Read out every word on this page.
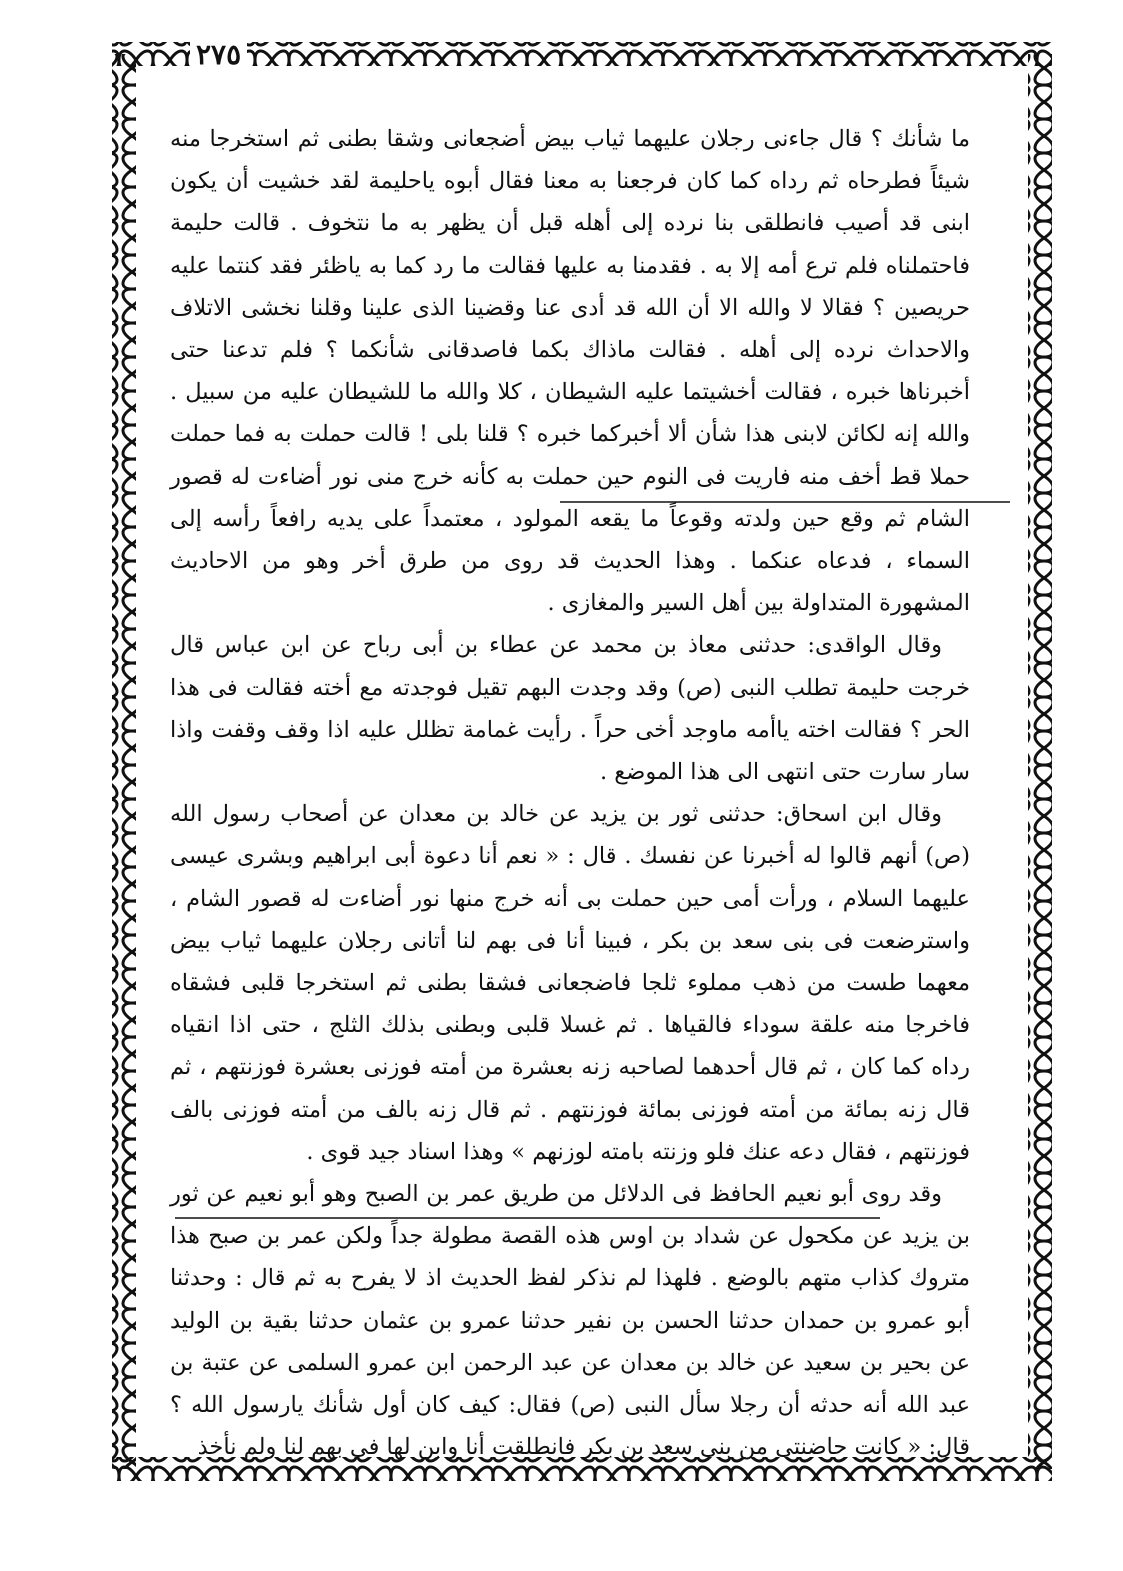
٢٧٥

ما شأنك ؟ قال جاءنى رجلان عليهما ثياب بيض أضجعانى وشقا بطنى ثم استخرجا منه شيئاً فطرحاه ثم رداه كما كان فرجعنا به معنا فقال أبوه ياحليمة لقد خشيت أن يكون ابنى قد أصيب فانطلقى بنا نرده إلى أهله قبل أن يظهر به ما نتخوف . قالت حليمة فاحتملناه فلم ترع أمه إلا به . فقدمنا به عليها فقالت ما رد كما به ياظئر فقد كنتما عليه حريصين ؟ فقالا لا والله الا أن الله قد أدى عنا وقضينا الذى علينا وقلنا نخشى الاتلاف والاحداث نرده إلى أهله . فقالت ماذاك بكما فاصدقانى شأنكما ؟ فلم تدعنا حتى أخبرناها خبره ، فقالت أخشيتما عليه الشيطان ، كلا والله ما للشيطان عليه من سبيل . والله إنه لكائن لابنى هذا شأن ألا أخبركما خبره ؟ قلنا بلى ! قالت حملت به فما حملت حملا قط أخف منه فاريت فى النوم حين حملت به كأنه خرج منى نور أضاءت له قصور الشام ثم وقع حين ولدته وقوعاً ما يقعه المولود ، معتمداً على يديه رافعاً رأسه إلى السماء ، فدعاه عنكما . وهذا الحديث قد روى من طرق أخر وهو من الاحاديث المشهورة المتداولة بين أهل السير والمغازى .

وقال الواقدى: حدثنى معاذ بن محمد عن عطاء بن أبى رباح عن ابن عباس قال خرجت حليمة تطلب النبى (ص) وقد وجدت البهم تقيل فوجدته مع أخته فقالت فى هذا الحر ؟ فقالت اخته ياأمه ماوجد أخى حراً . رأيت غمامة تظلل عليه اذا وقف وقفت واذا سار سارت حتى انتهى الى هذا الموضع .

وقال ابن اسحاق: حدثنى ثور بن يزيد عن خالد بن معدان عن أصحاب رسول الله (ص) أنهم قالوا له أخبرنا عن نفسك . قال : « نعم أنا دعوة أبى ابراهيم وبشرى عيسى عليهما السلام ، ورأت أمى حين حملت بى أنه خرج منها نور أضاءت له قصور الشام ، واسترضعت فى بنى سعد بن بكر ، فبينا أنا فى بهم لنا أتانى رجلان عليهما ثياب بيض معهما طست من ذهب مملوء ثلجا فاضجعانى فشقا بطنى ثم استخرجا قلبى فشقاه فاخرجا منه علقة سوداء فالقياها . ثم غسلا قلبى وبطنى بذلك الثلج ، حتى اذا انقياه رداه كما كان ، ثم قال أحدهما لصاحبه زنه بعشرة من أمته فوزنى بعشرة فوزنتهم ، ثم قال زنه بمائة من أمته فوزنى بمائة فوزنتهم . ثم قال زنه بالف من أمته فوزنى بالف فوزنتهم ، فقال دعه عنك فلو وزنته بامته لوزنهم » وهذا اسناد جيد قوى .

وقد روى أبو نعيم الحافظ فى الدلائل من طريق عمر بن الصبح وهو أبو نعيم عن ثور بن يزيد عن مكحول عن شداد بن اوس هذه القصة مطولة جداً ولكن عمر بن صبح هذا متروك كذاب متهم بالوضع . فلهذا لم نذكر لفظ الحديث اذ لا يفرح به ثم قال : وحدثنا أبو عمرو بن حمدان حدثنا الحسن بن نفير حدثنا عمرو بن عثمان حدثنا بقية بن الوليد عن بحير بن سعيد عن خالد بن معدان عن عبد الرحمن ابن عمرو السلمى عن عتبة بن عبد الله أنه حدثه أن رجلا سأل النبى (ص) فقال: كيف كان أول شأنك يارسول الله ؟ قال: « كانت حاضنتى من بنى سعد بن بكر فانطلقت أنا وابن لها فى بهم لنا ولم نأخذ
